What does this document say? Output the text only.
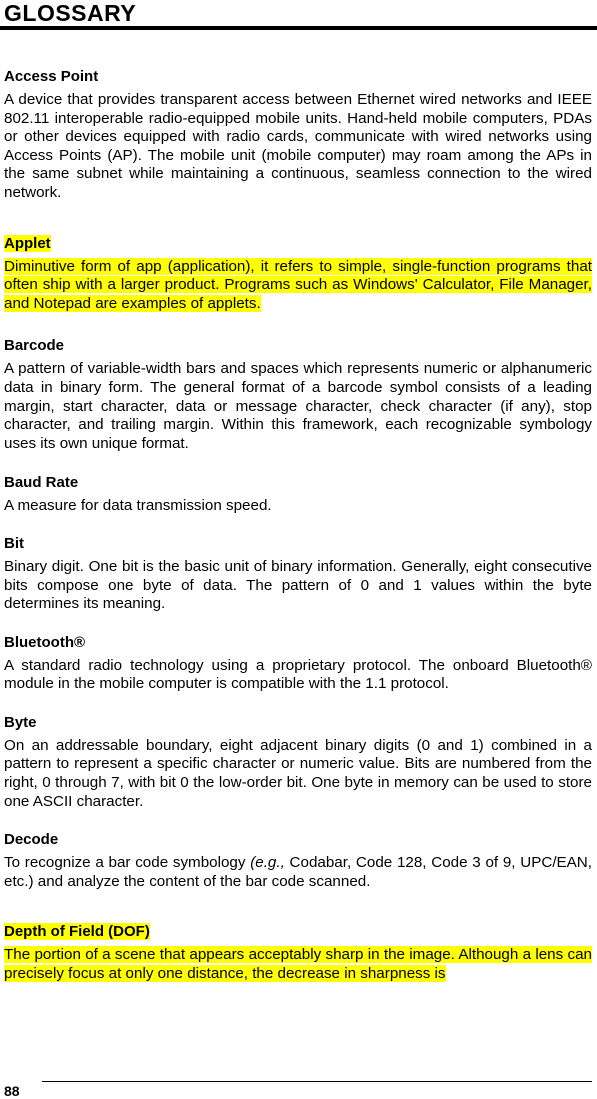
GLOSSARY
Access Point

A device that provides transparent access between Ethernet wired networks and IEEE 802.11 interoperable radio-equipped mobile units. Hand-held mobile computers, PDAs or other devices equipped with radio cards, communicate with wired networks using Access Points (AP). The mobile unit (mobile computer) may roam among the APs in the same subnet while maintaining a continuous, seamless connection to the wired network.

Applet

Diminutive form of app (application), it refers to simple, single-function programs that often ship with a larger product. Programs such as Windows' Calculator, File Manager, and Notepad are examples of applets.

Barcode

A pattern of variable-width bars and spaces which represents numeric or alphanumeric data in binary form. The general format of a barcode symbol consists of a leading margin, start character, data or message character, check character (if any), stop character, and trailing margin. Within this framework, each recognizable symbology uses its own unique format.

Baud Rate

A measure for data transmission speed.

Bit

Binary digit. One bit is the basic unit of binary information. Generally, eight consecutive bits compose one byte of data. The pattern of 0 and 1 values within the byte determines its meaning.

Bluetooth®

A standard radio technology using a proprietary protocol. The onboard Bluetooth® module in the mobile computer is compatible with the 1.1 protocol.

Byte

On an addressable boundary, eight adjacent binary digits (0 and 1) combined in a pattern to represent a specific character or numeric value. Bits are numbered from the right, 0 through 7, with bit 0 the low-order bit. One byte in memory can be used to store one ASCII character.

Decode

To recognize a bar code symbology (e.g., Codabar, Code 128, Code 3 of 9, UPC/EAN, etc.) and analyze the content of the bar code scanned.

Depth of Field (DOF)

The portion of a scene that appears acceptably sharp in the image. Although a lens can precisely focus at only one distance, the decrease in sharpness is

88
